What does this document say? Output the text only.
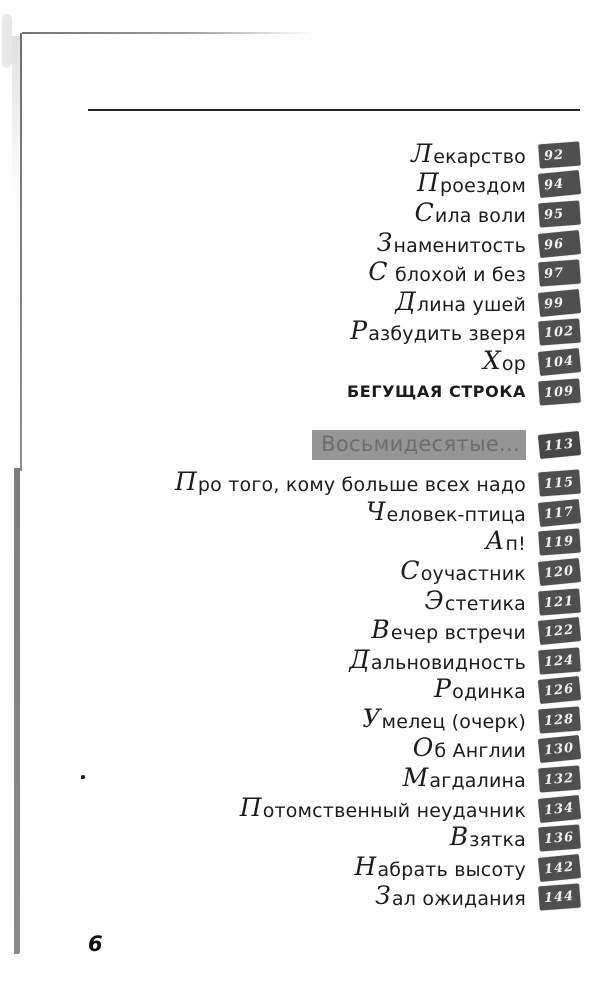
Лекарство	92
Проездом	94
Сила воли	95
Знаменитость	96
С блохой и без	97
Длина ушей	99
Разбудить зверя	102
Хор	104
БЕГУЩАЯ СТРОКА	109
Восьмидесятые...	113
Про того, кому больше всех надо	115
Человек-птица	117
Ап!	119
Соучастник	120
Эстетика	121
Вечер встречи	122
Дальновидность	124
Родинка	126
Умелец (очерк)	128
Об Англии	130
Магдалина	132
Потомственный неудачник	134
Взятка	136
Набрать высоту	142
Зал ожидания	144
6
